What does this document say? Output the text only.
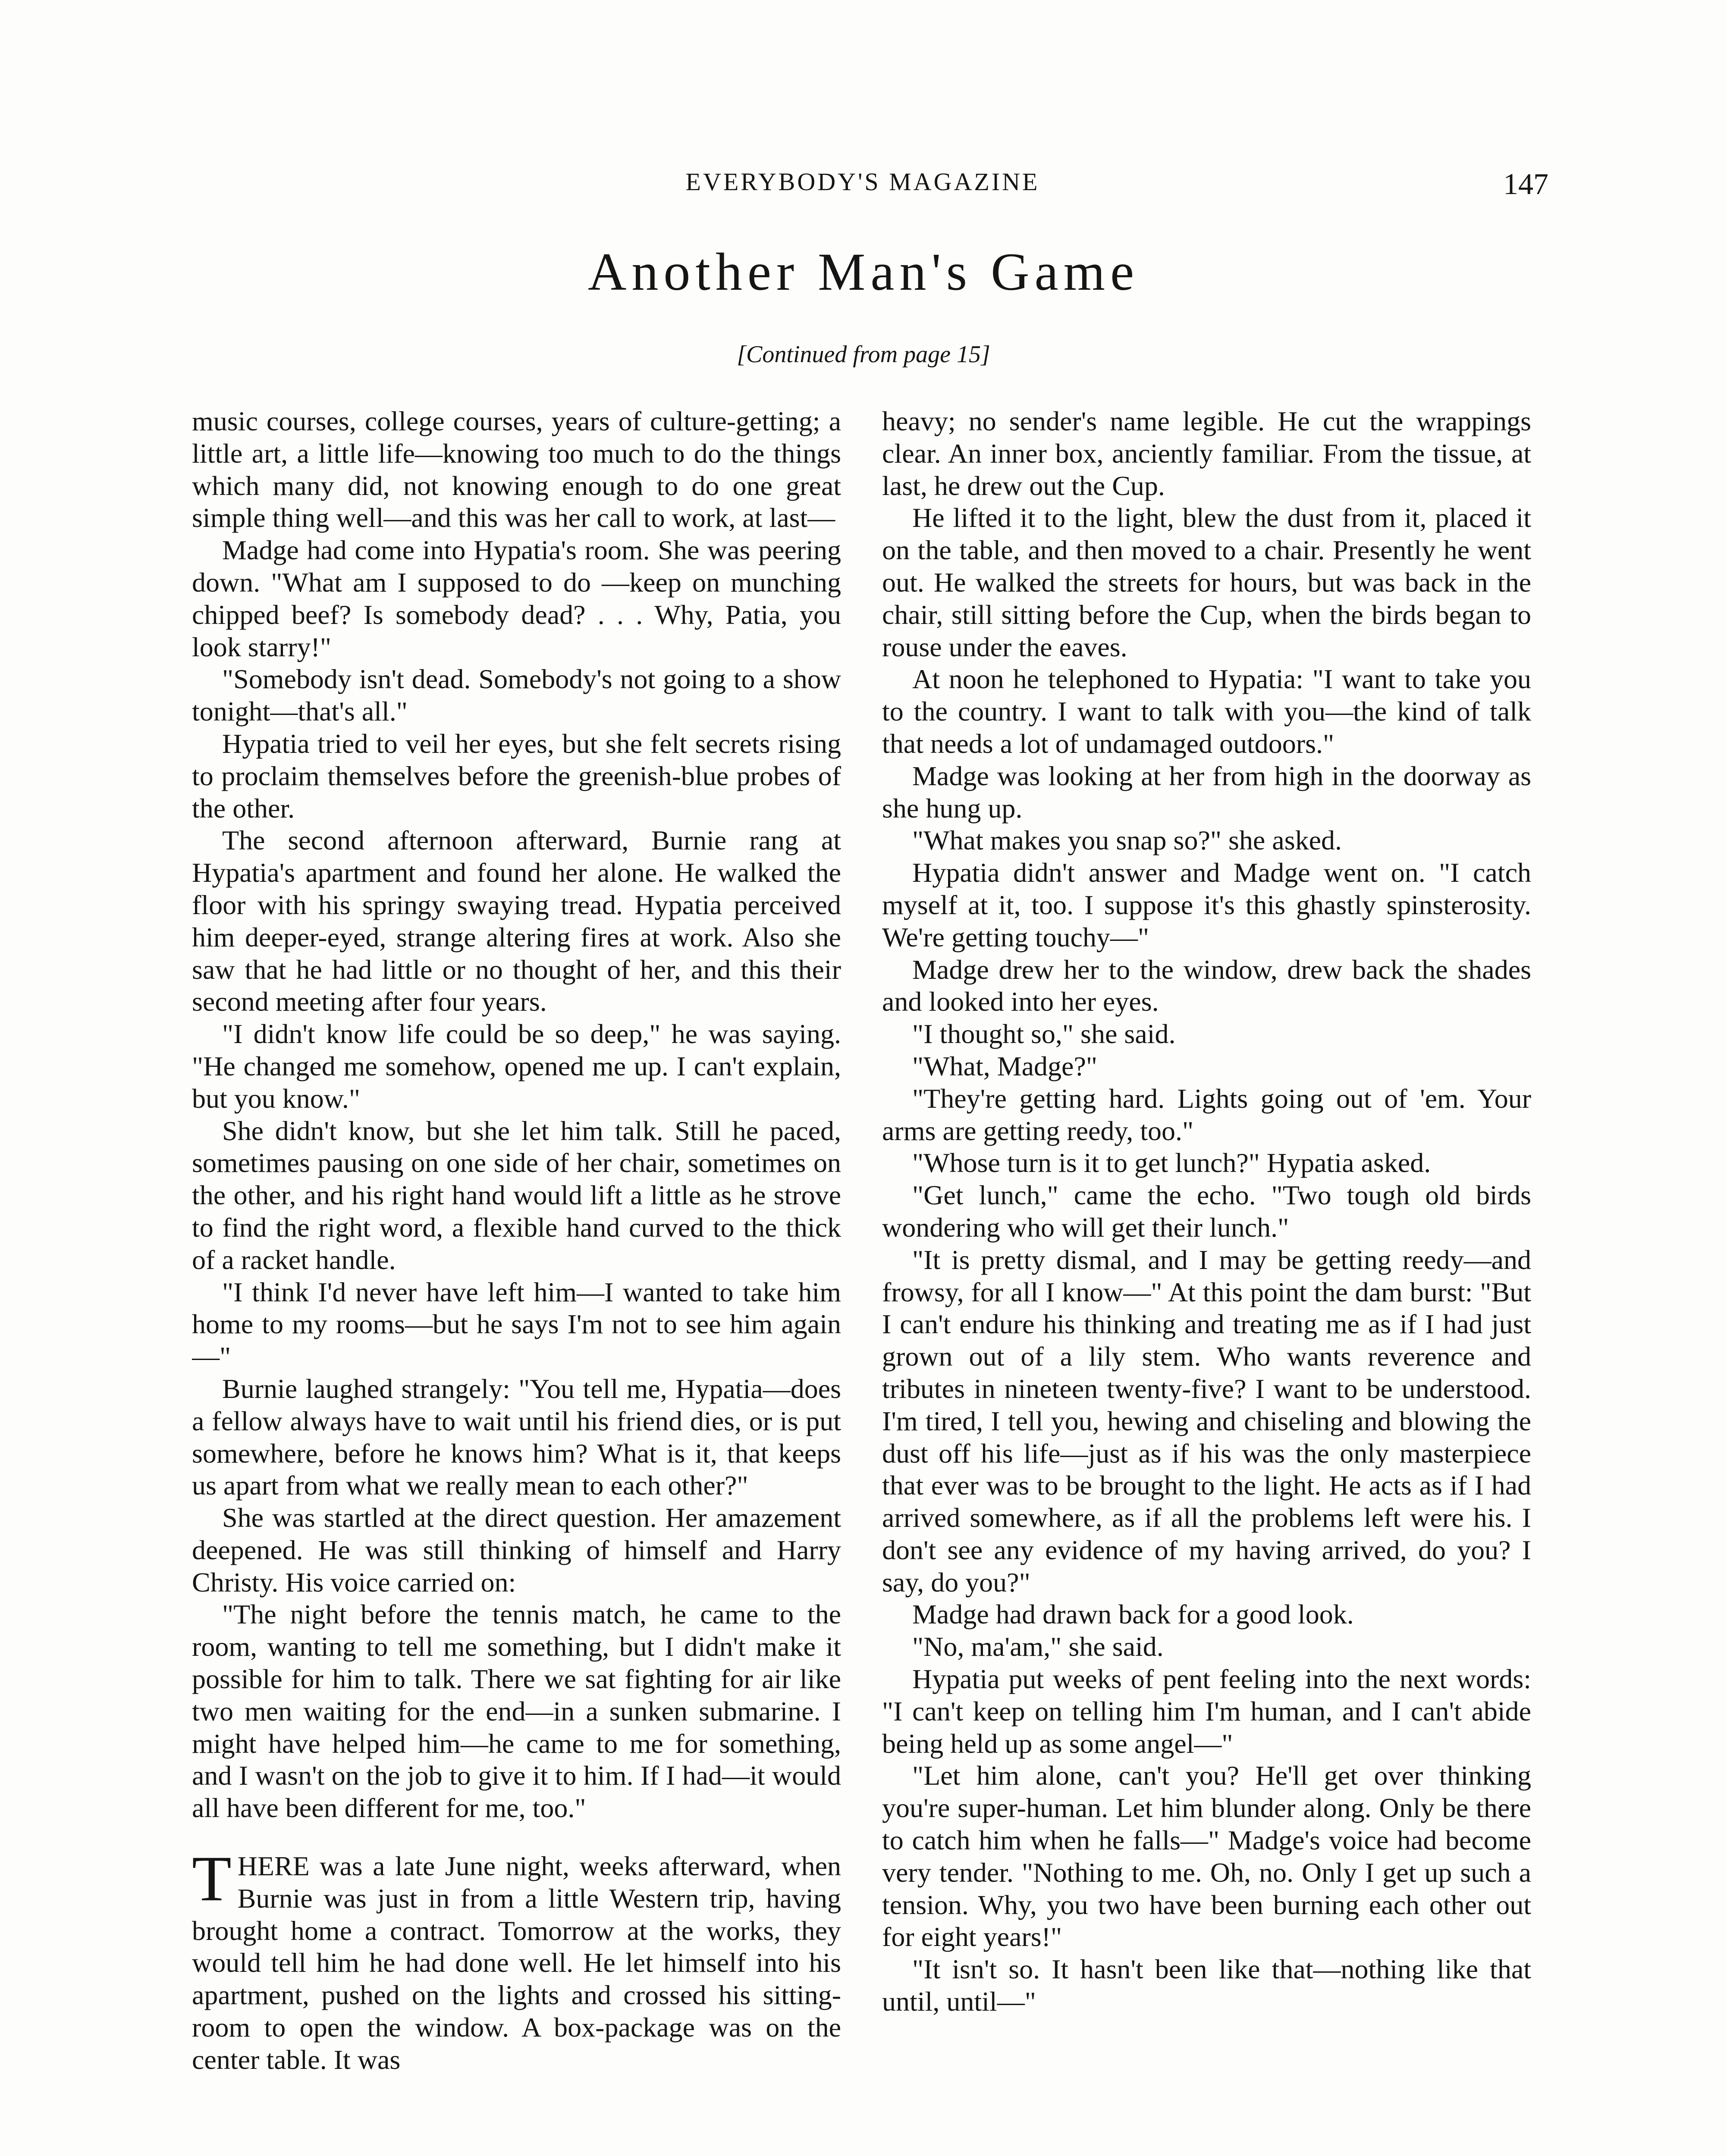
EVERYBODY'S MAGAZINE	147
Another Man's Game
[Continued from page 15]

music courses, college courses, years of culture-getting; a little art, a little life—knowing too much to do the things which many did, not knowing enough to do one great simple thing well—and this was her call to work, at last—

Madge had come into Hypatia's room. She was peering down. "What am I supposed to do —keep on munching chipped beef? Is somebody dead? . . . Why, Patia, you look starry!"

"Somebody isn't dead. Somebody's not going to a show tonight—that's all."

Hypatia tried to veil her eyes, but she felt secrets rising to proclaim themselves before the greenish-blue probes of the other.

The second afternoon afterward, Burnie rang at Hypatia's apartment and found her alone. He walked the floor with his springy swaying tread. Hypatia perceived him deeper-eyed, strange altering fires at work. Also she saw that he had little or no thought of her, and this their second meeting after four years.

"I didn't know life could be so deep," he was saying. "He changed me somehow, opened me up. I can't explain, but you know."

She didn't know, but she let him talk. Still he paced, sometimes pausing on one side of her chair, sometimes on the other, and his right hand would lift a little as he strove to find the right word, a flexible hand curved to the thick of a racket handle.

"I think I'd never have left him—I wanted to take him home to my rooms—but he says I'm not to see him again—"

Burnie laughed strangely: "You tell me, Hypatia—does a fellow always have to wait until his friend dies, or is put somewhere, before he knows him? What is it, that keeps us apart from what we really mean to each other?"

She was startled at the direct question. Her amazement deepened. He was still thinking of himself and Harry Christy. His voice carried on:

"The night before the tennis match, he came to the room, wanting to tell me something, but I didn't make it possible for him to talk. There we sat fighting for air like two men waiting for the end—in a sunken submarine. I might have helped him—he came to me for something, and I wasn't on the job to give it to him. If I had—it would all have been different for me, too."

THERE was a late June night, weeks afterward, when Burnie was just in from a little Western trip, having brought home a contract. Tomorrow at the works, they would tell him he had done well. He let himself into his apartment, pushed on the lights and crossed his sitting-room to open the window. A box-package was on the center table. It was

heavy; no sender's name legible. He cut the wrappings clear. An inner box, anciently familiar. From the tissue, at last, he drew out the Cup.

He lifted it to the light, blew the dust from it, placed it on the table, and then moved to a chair. Presently he went out. He walked the streets for hours, but was back in the chair, still sitting before the Cup, when the birds began to rouse under the eaves.

At noon he telephoned to Hypatia: "I want to take you to the country. I want to talk with you—the kind of talk that needs a lot of undamaged outdoors."

Madge was looking at her from high in the doorway as she hung up.

"What makes you snap so?" she asked.

Hypatia didn't answer and Madge went on. "I catch myself at it, too. I suppose it's this ghastly spinsterosity. We're getting touchy—"

Madge drew her to the window, drew back the shades and looked into her eyes.

"I thought so," she said.

"What, Madge?"

"They're getting hard. Lights going out of 'em. Your arms are getting reedy, too."

"Whose turn is it to get lunch?" Hypatia asked.

"Get lunch," came the echo. "Two tough old birds wondering who will get their lunch."

"It is pretty dismal, and I may be getting reedy—and frowsy, for all I know—" At this point the dam burst: "But I can't endure his thinking and treating me as if I had just grown out of a lily stem. Who wants reverence and tributes in nineteen twenty-five? I want to be understood. I'm tired, I tell you, hewing and chiseling and blowing the dust off his life—just as if his was the only masterpiece that ever was to be brought to the light. He acts as if I had arrived somewhere, as if all the problems left were his. I don't see any evidence of my having arrived, do you? I say, do you?"

Madge had drawn back for a good look.

"No, ma'am," she said.

Hypatia put weeks of pent feeling into the next words: "I can't keep on telling him I'm human, and I can't abide being held up as some angel—"

"Let him alone, can't you? He'll get over thinking you're super-human. Let him blunder along. Only be there to catch him when he falls—" Madge's voice had become very tender. "Nothing to me. Oh, no. Only I get up such a tension. Why, you two have been burning each other out for eight years!"

"It isn't so. It hasn't been like that—nothing like that until, until—"
